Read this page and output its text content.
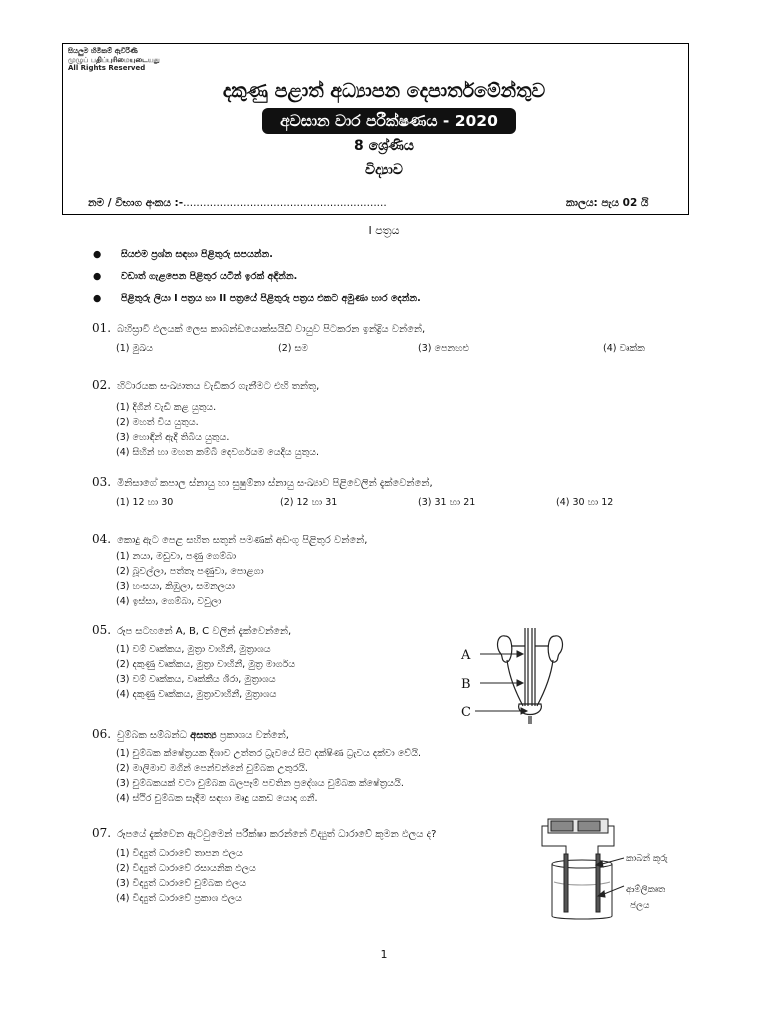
සියලුම හිමිකම් ඇවිරිණි
முழுப் பதிப்புரிமையுடையது
All Rights Reserved
දකුණු පළාත් අධ්‍යාපන දෙපාර්තමේන්තුව
අවසාන වාර පරීක්ෂණය - 2020
8 ශ්‍රේණිය
විද්‍යාව
නම / විභාග අංකය :-.............................................................	කාලය: පැය 02 යි
I පත්‍රය
● සියළුම ප්‍රශ්න සඳහා පිළිතුරු සපයන්න.
● වඩාත් ගැළපෙන පිළිතුර යටින් ඉරක් අඳින්න.
● පිළිතුරු ලියා I පත්‍රය හා II පත්‍රයේ පිළිතුරු පත්‍රය එකට අමුණා භාර දෙන්න.
01. බහිස්‍රාවී ඵලයක් ලෙස කාබන්ඩයොක්සයිඩ් වායුව පිටකරන ඉන්ද්‍රිය වන්නේ,
(1) මුඛය	(2) සම	(3) පෙනහළු	(4) වෘක්ක
02. හිටාරයක සංඛ්‍යාතය වැඩිකර ගැනීමට එහි තන්තු,
(1) දිගින් වැඩි කළ යුතුය.
(2) මහත් විය යුතුය.
(3) හොඳින් ඇදී තිබිය යුතුය.
(4) සිහින් හා මහත කම්බි දෙවර්ගයම යෙදිය යුතුය.
03. මිනිසාගේ කපාල ස්නායු හා සුෂුම්නා ස්නායු සංඛ්‍යාව පිළිවෙලින් දැක්වෙන්නේ,
(1) 12 හා 30	(2) 12 හා 31	(3) 31 හා 21	(4) 30 හා 12
04. කොදු ඇට පෙළ සහිත සතුන් පමණක් අඩංගු පිළිතුර වන්නේ,
(1) නයා, මඩුවා, පණු ගෙම්බා
(2) බූවල්ලා, පත්තෑ පණුවා, පොළගා
(3) හංසයා, කිඹුලා, සමනලයා
(4) ඉස්සා, ගෙම්බා, වවුලා
05. රූප සටහනේ A, B, C වලින් දැක්වෙන්නේ,
(1) වම් වෘක්කය, මුත්‍රා වාහිනී, මුත්‍රාශය
(2) දකුණු වෘක්කය, මුත්‍රා වාහිනී, මුත්‍ර මාර්ගය
(3) වම් වෘක්කය, වෘක්කීය ශිරා, මුත්‍රාශය
(4) දකුණු වෘක්කය, මුත්‍රාවාහිනී, මුත්‍රාශය
A
B
C
06. චුම්බක සම්බන්ධ අසත්‍ය ප්‍රකාශය වන්නේ,
(1) චුම්බක ක්ෂේත්‍රයක දිශාව උත්තර ධ්‍රැවයේ සිට දක්ෂිණ ධ්‍රැවය දක්වා වේයි.
(2) මාලිමාව මගින් පෙන්වන්නේ චුම්බක උතුරයි.
(3) චුම්බකයක් වටා චුම්බක බලපෑම් පවතින ප්‍රදේශය චුම්බක ක්ෂේත්‍රයයි.
(4) ස්ථිර චුම්බක සෑදීම සඳහා මෘදු යකඩ යොදා ගනී.
07. රූපයේ දැක්වෙන ඇටවුමෙන් පරීක්ෂා කරන්නේ විද්‍යුත් ධාරාවේ කුමන ඵලය ද?
(1) විද්‍යුත් ධාරාවේ තාපන ඵලය
(2) විද්‍යුත් ධාරාවේ රසායනික ඵලය
(3) විද්‍යුත් ධාරාවේ චුම්බක ඵලය
(4) විද්‍යුත් ධාරාවේ ප්‍රකාශ ඵලය
කාබන් කූරු
ආම්ලිකෘත
ජලය
1
